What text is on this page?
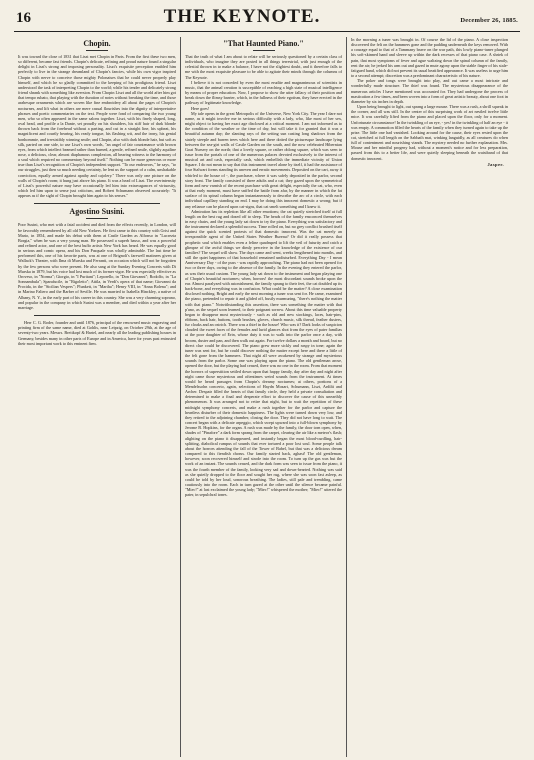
16	THE KEYNOTE.	December 26, 1885.
Chopin.

It was toward the close of 1831 that Liszt met Chopin in Paris. From the first these two men, so different, became fast friends. Chopin's delicate, refining and proud nature found a singular delight in Liszt's strong and imposing personality. Liszt's exquisite perception enabled him perfectly to live in the strange dreamland of Chopin's fancies, while his own vigor inspired Chopin with nerve to conceive those mighty Polonaises that he could never properly play himself, and which he so gladly committed to the keeping of his prodigious friend. Liszt understood the task of interpreting Chopin to the world; while his tender and delicately strong friend shrank with something like aversion. From Chopin Liszt and all the world after him got that tempo rubato, that playing with the duration of notes without breaking the time, and those arabesque ornaments which are woven like fine embroidery all about the pages of Chopin's nocturnes, and lift what in others are mere casual flourishes into the dignity of interpretative phrases and poetic commentaries on the text. People were fond of comparing the two young men, who so often appeared in the same salons together. Liszt, with his finely shaped, long, oval head, and profile a la Dante, set proudly on his shoulders, his stiff hair of dark blonde thrown back from the forehead without a parting, and cut in a straight line, his upbeat, his magnificent and courtly bearing, his ready tongue, his flashing wit, and the irony, his genial bonhommie, and irresistibly winning smile; and Chopin, also with dark blonde hair, but soft as silk, parted on one side, to use Liszt's own words, "an angel of fair countenance with brown eyes, from which intellect beamed rather than burned, a gentle, refined smile, slightly aquiline nose, a delicious, clear, almost diaphanous complexion, all bearing witness to the harmony of a soul which required no commentary beyond itself." Nothing can be more generous or more true than Liszt's recognition of Chopin's independent support. "To our endeavors," he says, "to our struggles, just then so much needing certainty, he lent us the support of a calm, unshakable conviction, equally armed against apathy and cajolery." There was only one picture on the walls of Chopin's room; it hung just above his piano. It was a head of Liszt. The overintensity of Liszt's powerful nature may have occasionally led him into extravagances of virtuosity, which led him upon to sense just criticism, and Robert Schumann observed accurately: "It appears as if the sight of Chopin brought him again to his senses."

Agostino Susini.

Poor Susini, who met with a fatal accident and died from the effects recently, in London, will be favorably remembered by all old New Yorkers. He first came to this country with Grisi and Mario, in 1854, and made his debut with them at Castle Garden as Alfonso in "Lucrezia Borgia," when he was a very young man. He possessed a superb basso, and was a powerful and refined actor, and one of the best buffo artists New York has heard. He was equally good in serious and comic opera, and his Don Pasquale was wholly admirable. The last time he performed this, one of his favorite parts, was at one of Brignoli's farewell matinees given at Wallack's Theater, with Ilma di Murska and Ferranti, on occasion which will not be forgotten by the few persons who were present. He also sang at the Sunday Evening Concerts with Di Murska in 1879, but his voice had lost much of its former vigor. He was especially effective as Oroveso, in "Norma"; Giorgio, in "I Puritani"; Leporello, in "Don Giovanni"; Rodolfo, in "La Sonnambula"; Sparafucile, in "Rigoletto"; Attila, in Verdi's opera of that name; Giovanni da Procida, in the "Sicilian Vespers"; Plunkett, in "Martha"; Henry VIII, in "Anna Bolena"; and in Marino Faliero and the Barber of Seville. He was married to Isabella Hinckley, a native of Albany, N. Y., in the early part of his career in this country. She was a very charming soprano, and popular in the company in which Susini was a member, and died within a year after her marriage.

Herr C. G. Roder, founder and until 1876, principal of the renowned music engraving and printing firm of the same name, died at Gohlis, near Leipzig, on October 29th, at the age of seventy-two years. Messrs. Breitkopf & Hartel, and nearly all the leading publishing houses in Germany, besides many in other parts of Europe and in America, have for years past entrusted their most important work to this eminent firm.

"That Haunted Piano."

That the truth of what I am about to relate will be seriously questioned by a certain class of individuals, who imagine they are posted in all things terrestrial, with just enough of the celestial thrown in to make a balance, I have not the slightest doubt, and it therefore falls to me with the most exquisite pleasure to be able to agitate their minds through the columns of The Keynote.

I believe it is not conceded by even the most erudite and magnanimous of scientists in music, that the animal creation is susceptible of reaching a high state of musical intelligence by means of proper education. Now, I propose to show the utter fallacy of their position and break down the flimsy barrier, which, in the fullness of their egotism, they have erected in the pathway of legitimate knowledge.

Here goes!

My tale opens in the great Metropolis of the Universe, New York City. The year I dare not name, as it might involve me in serious difficulty with a lady, who, like most of her sex, might object to having her exact age disclosed at a critical moment. I am not informed as to the condition of the weather or the time of day, but will take it for granted that it was a beautiful autumn day; the slanting rays of the setting sun casting long shadows from the stately steeple and barren trees which here and there dotted the picturesque landscape lying between the sea-girt walls of Castle Garden on the south, and the now celebrated Hibernian Goat Nursery on the north; that a lovely square, or rather oblong square, which was seen to issue from the portals of one of the numerous palaces devoted exclusively to the interest of musical art and cash, especially cash, which embellish the immediate vicinity of Union Square. I do not mean to say that this instrument travel alone by itself, it had the assistance of four Stalwart forms standing its uneven and erratic movements. Deposited on the cart, away it whirled to the house of -, the purchaser, where it was safely deposited in the parlor, second story front. The family consisted of three adults and a cat; they gazed upon the symmetrical form and new varnish of the recent purchase with great delight, especially the cat, who, even at that early moment, must have sniffed the battle from afar, by the manner in which the fat surface of its spinal column began instantaneously to describe the arc of a circle, with each individual capillary standing on end. I may be doing this innocent domestic a wrong; but if any reliance can be placed upon cat-signs, that cat smelt something and I knew it.

Admiration has its repletion like all other emotions; the cat quietly stretched itself at full length on the best rug and dozed off to sleep. The heads of the family ensconced themselves in easy chairs, and the young lady sat down to try the piano. Everything was satisfactory and the instrument declared a splendid success. Time rolled on, but no grey conflict brushed itself against the quick scented protests of that domestic innocent. Was the cat merely an irresponsible agent of the United States Weather Bureau? Or did it really possess that prophetic soul which enables even a feline quadruped to lift the veil of futurity and catch a glimpse of the awful things we dimly perceive in the knowledge of the existence of our families? The sequel will show. The days came and went, weeks lengthened into months, and still the quiet happiness of that household remained undisturbed. Everything Day - I mean Anniversary Day - of the puss - was rapidly approaching. The piano had not been opened for two or three days, owing to the absence of the family. In the evening they entered the parlor, as was their usual custom. The young lady sat down to the instrument and began playing one of Chopin's beautiful nocturnes; when, horrors! the most discordant sounds broke upon the ear. Almost paralyzed with astonishment, the family sprang to their feet, the cat doubled up its back-bone, and everything was in confusion. What could be the matter? A close examination disclosed nothing. Bright and early the next morning a tuner was sent for. He came, examined the piano, pretended to repair it and glided off, busily murmuring, "there's nothing the matter with that piano." Notwithstanding this assertion, there was something the matter with that p'ano, as the sequel soon learned, to their poignant sorrow. About this time valuable property began to disappear most mysteriously - such as old and new stockings, laces, hair-pins, ribbons, back hair, buttons, tooth brushes, gloves, church music, silk thread, feather dusters, fur cloaks and an ostrich. There was a thief in the house! Who was it? Dark looks of suspicion clouded the sweet faces of the females and lurid glances shot from the eyes of pater familias at the poor daughter of Erin, whose duty it was to walk into the parlor once a day, with broom, duster and pan, and then walk out again. For twelve dollars a month and board, but no direct clue could be discovered. The piano grew more sickly and raspy in tone; again the tuner was sent for, but he could discover nothing the matter except here and there a little of the felt gone from the hammers. That night all were awakened by strange and mysterious sounds from the parlor. Some one was playing upon the piano. The old gentleman arose, opened the door, but the playing had ceased, there was no one in the room. From that moment the horrors of superstition settled down upon that happy family, day after day and night after night came those mysterious and oftentimes weird sounds from the instrument. At times would be heard passages from Chopin's dreamy nocturnes; at others, portions of a Mendelssohn concerto, again, selections of Haydn Mozart, Schumann, Liszt, Ardilti and Archer. Despair filled the hearts of that family circle, they held a private consultation and determined to make a final and desperate effort to discover the cause of this unearthly phenomenon. It was arranged not to retire that night, but to wait the repetition of these midnight symphony concerts, and make a rush together for the parlor and capture the heartless disturber of their domestic happiness. The lights were turned down very low, and they retired to the adjoining chamber, closing the door. They did not have long to wait. The concert began with a delicate arpeggio, which swept upward into a full-blown symphony by Jerome B. Hopkins, for the organ. A rush was made by the family, the door torn open, when, shades of "Pinafore" a dark form sprang from the carpet, clearing the air like a meteor's flash; alighting on the piano it disappeared, and instantly began the most blood-curdling, hair-splitting, diabolical rumpus of sounds that ever tortured a poor lost soul. Some people talk about the horrors attending the fall of the Tower of Babel, but that was a delicious dream compared to this fiendish chorus. Our family started back, aghast! The old gentleman, however, soon recovered himself and strode into the room. To turn up the gas was but the work of an instant. The sounds ceased, and the dark form was seen to issue from the piano, it was the fourth member of the family, looking very sad and down-hearted. Nothing was said as she quietly dropped to the floor and sought her rug, where she was soon fast asleep, as could be told by her loud, sonorous breathing. The ladies, still pale and trembling, came cautiously into the room. Each in turn gazed at the other until the silence became painful. "Miec!" at last exclaimed the young lady; "Miec!" whispered the mother; "Miec!" uttered the pater, in sepulchral tones.

In the morning a tuner was brought in. Of course the lid of the piano. A close inspection discovered the felt on the hammers gone and the padding underneath the keys removed. With a courage equal to that of a Tammany brave on the war path, this lowly piano-tuner plunged his soft-skinned hand and sleeve up within the dark recesses of that piano case. A shriek of pain, that most symptoms of fever and ague waltzing down the spinal column of the family, rent the air; he jerked his arm out and gazed in mute agony upon the stable finger of his stale-fatigued hand, which did not prevent its usual beatified appearance. It was useless to urge him to a second attempt; discretion was a predominant characteristic of his nature.

The poker and tongs were brought into play, and out came a most intricate and wonderfully made structure. The thief was found. The mysterious disappearance of the numerous articles I have mentioned was accounted for. They had undergone the process of mastication a few times, and been woven into a form of great artistic beauty, about one foot in diameter by six inches in depth.

Upon being brought to light, out sprang a large mouse. There was a rush, a shrill squeak in the corner, and all was still. In the center of this surprising work of art nestled twelve little mice. It was carefully lifted from the piano and placed upon the floor, only for a moment. Unfortunate circumstance! In the twinkling of an eye, - yes! in the twinkling of half an eye - it was empty. A commotion filled the hearts of the family when they turned again to take up the prize. The little one had vanished. Looking around for the cause, their eyes rested upon the cat, stretched at full length on the Sabbath mat, winking languidly, as all creatures do when full of contentment and nourishing viands. The mystery needed no further explanation. Mrs. Mouse and her mindful progeny had, without a moment's notice and for less preparation, passed from this to a better life, and were quietly sleeping beneath the waistband of that domestic innocent.

Jasper.
